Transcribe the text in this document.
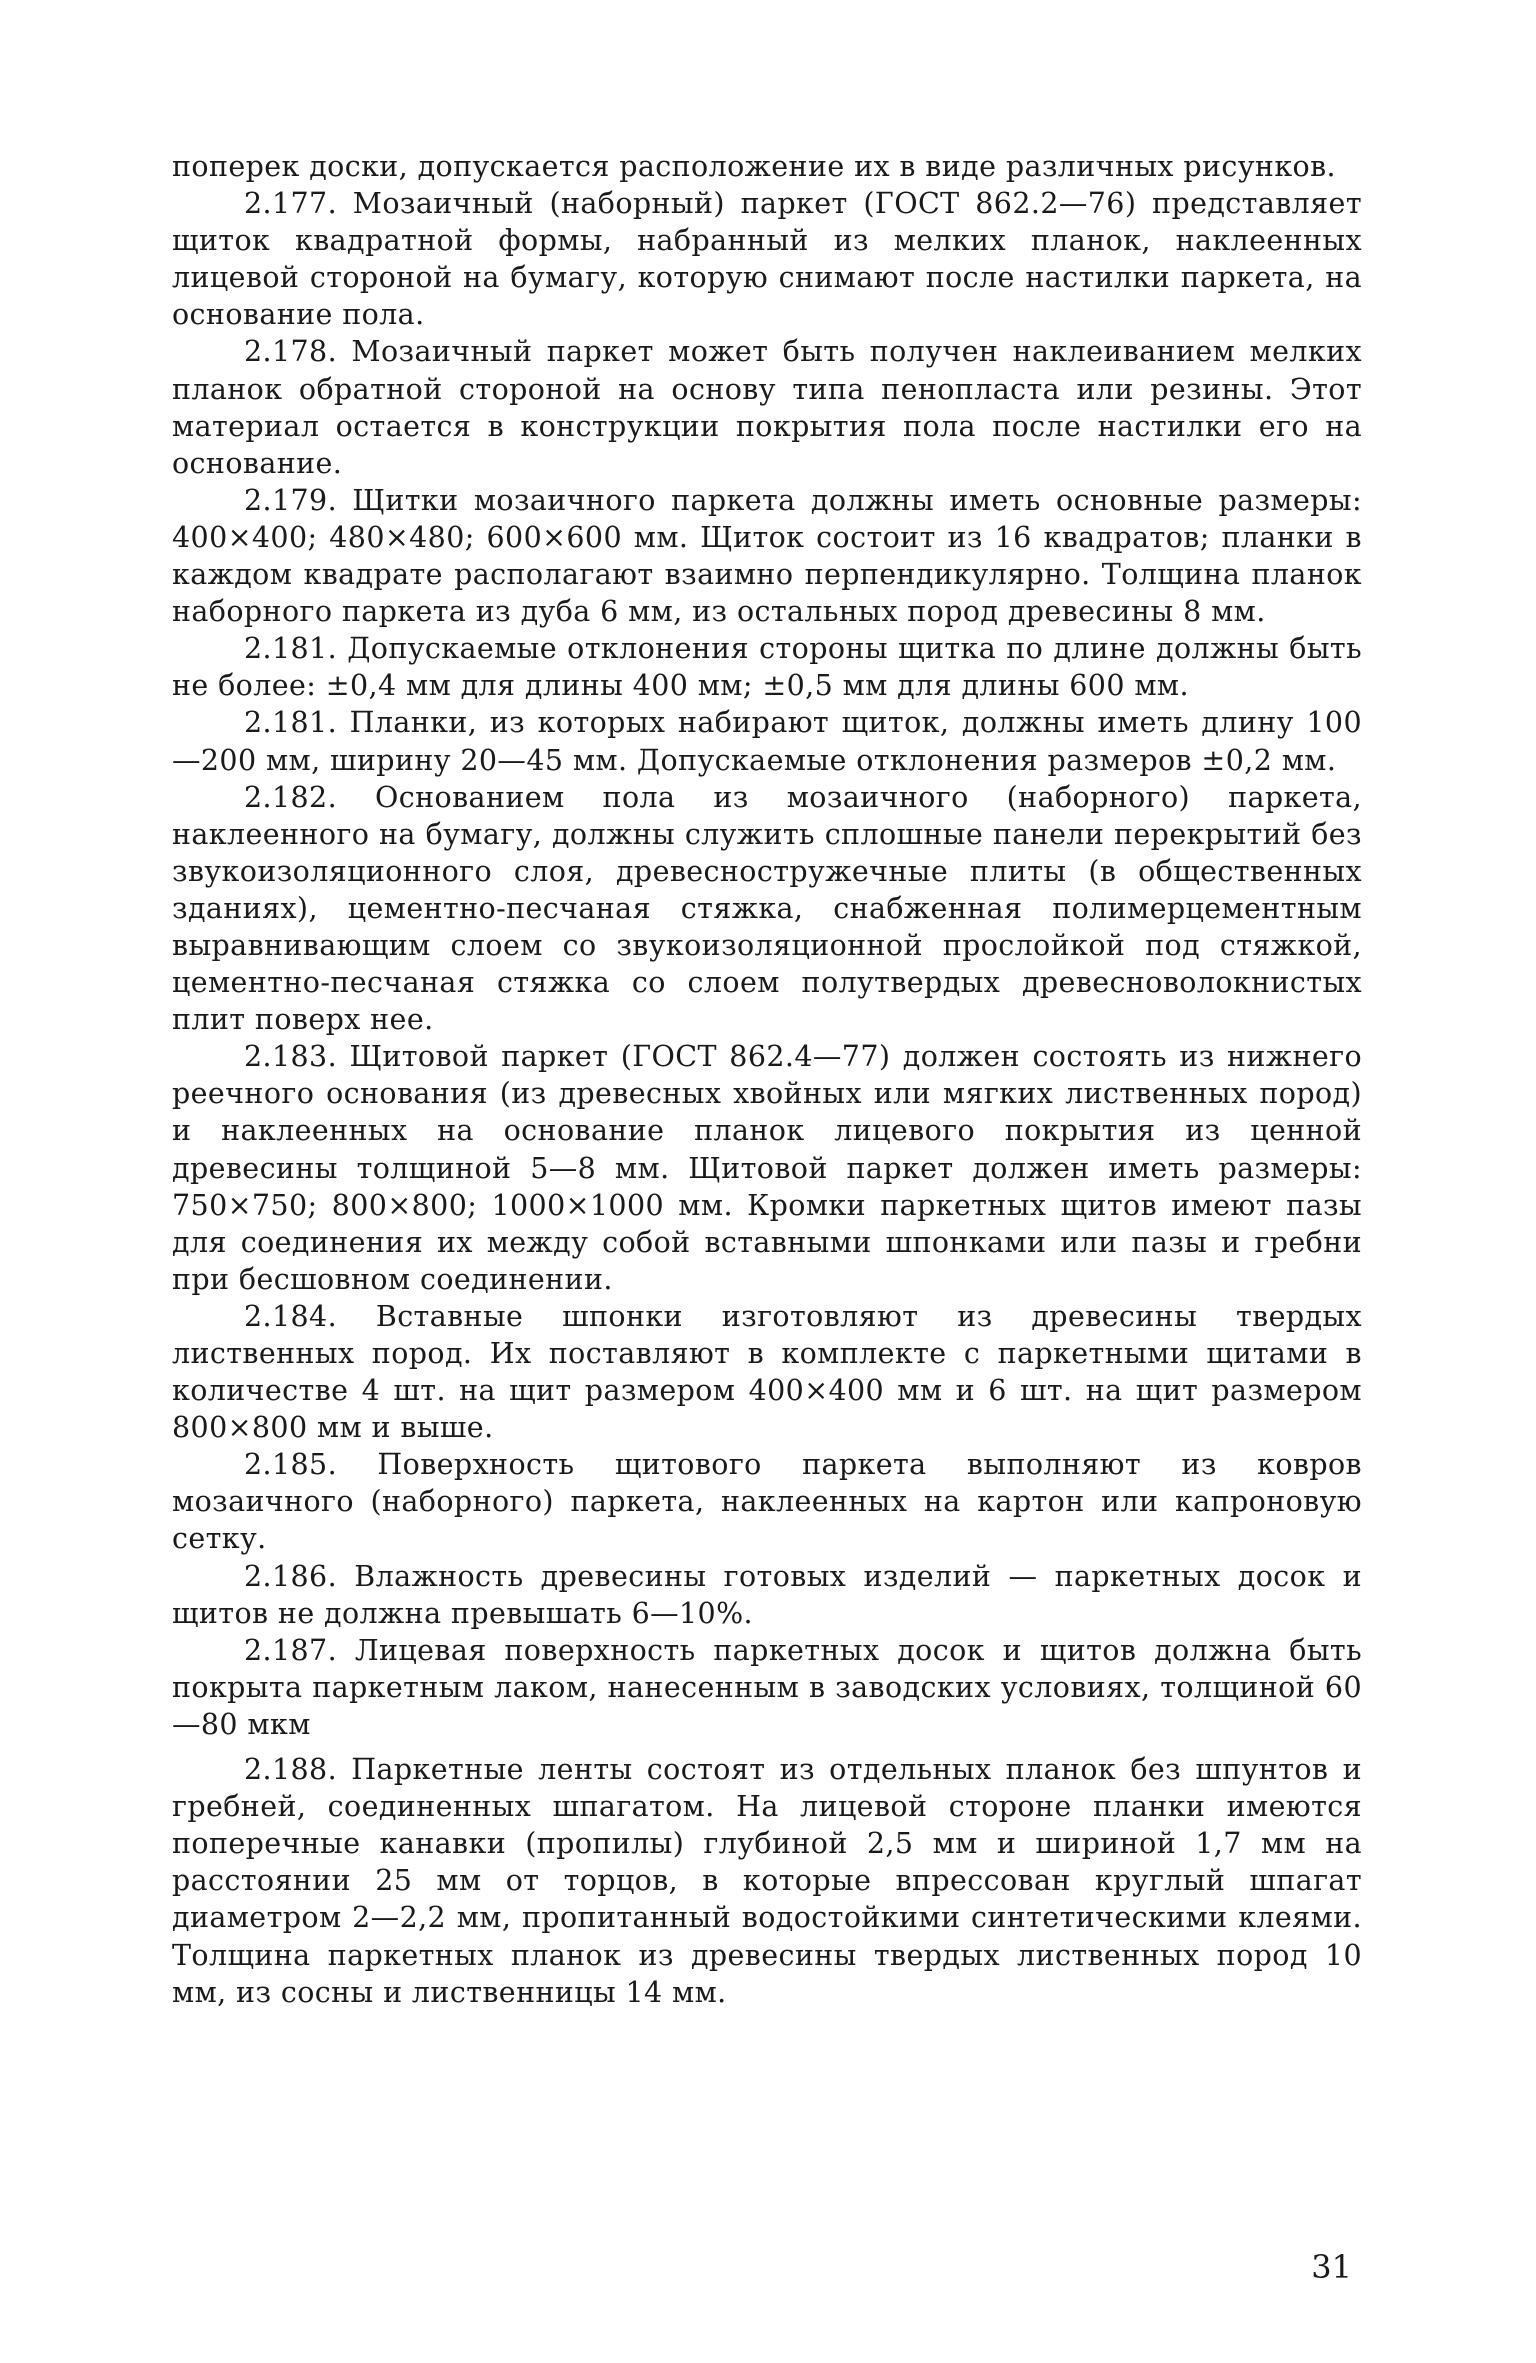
поперек доски, допускается расположение их в виде различных рисунков.

2.177. Мозаичный (наборный) паркет (ГОСТ 862.2—76) представляет щиток квадратной формы, набранный из мелких планок, наклеенных лицевой стороной на бумагу, которую снимают после настилки паркета, на основание пола.

2.178. Мозаичный паркет может быть получен наклеиванием мелких планок обратной стороной на основу типа пенопласта или резины. Этот материал остается в конструкции покрытия пола после настилки его на основание.

2.179. Щитки мозаичного паркета должны иметь основные размеры: 400×400; 480×480; 600×600 мм. Щиток состоит из 16 квадратов; планки в каждом квадрате располагают взаимно перпендикулярно. Толщина планок наборного паркета из дуба 6 мм, из остальных пород древесины 8 мм.

2.181. Допускаемые отклонения стороны щитка по длине должны быть не более: ±0,4 мм для длины 400 мм; ±0,5 мм для длины 600 мм.

2.181. Планки, из которых набирают щиток, должны иметь длину 100—200 мм, ширину 20—45 мм. Допускаемые отклонения размеров ±0,2 мм.

2.182. Основанием пола из мозаичного (наборного) паркета, наклеенного на бумагу, должны служить сплошные панели перекрытий без звукоизоляционного слоя, древесностружечные плиты (в общественных зданиях), цементно-песчаная стяжка, снабженная полимерцементным выравнивающим слоем со звукоизоляционной прослойкой под стяжкой, цементно-песчаная стяжка со слоем полутвердых древесноволокнистых плит поверх нее.

2.183. Щитовой паркет (ГОСТ 862.4—77) должен состоять из нижнего реечного основания (из древесных хвойных или мягких лиственных пород) и наклеенных на основание планок лицевого покрытия из ценной древесины толщиной 5—8 мм. Щитовой паркет должен иметь размеры: 750×750; 800×800; 1000×1000 мм. Кромки паркетных щитов имеют пазы для соединения их между собой вставными шпонками или пазы и гребни при бесшовном соединении.

2.184. Вставные шпонки изготовляют из древесины твердых лиственных пород. Их поставляют в комплекте с паркетными щитами в количестве 4 шт. на щит размером 400×400 мм и 6 шт. на щит размером 800×800 мм и выше.

2.185. Поверхность щитового паркета выполняют из ковров мозаичного (наборного) паркета, наклеенных на картон или капроновую сетку.

2.186. Влажность древесины готовых изделий — паркетных досок и щитов не должна превышать 6—10%.

2.187. Лицевая поверхность паркетных досок и щитов должна быть покрыта паркетным лаком, нанесенным в заводских условиях, толщиной 60—80 мкм

2.188. Паркетные ленты состоят из отдельных планок без шпунтов и гребней, соединенных шпагатом. На лицевой стороне планки имеются поперечные канавки (пропилы) глубиной 2,5 мм и шириной 1,7 мм на расстоянии 25 мм от торцов, в которые впрессован круглый шпагат диаметром 2—2,2 мм, пропитанный водостойкими синтетическими клеями. Толщина паркетных планок из древесины твердых лиственных пород 10 мм, из сосны и лиственницы 14 мм.

31
